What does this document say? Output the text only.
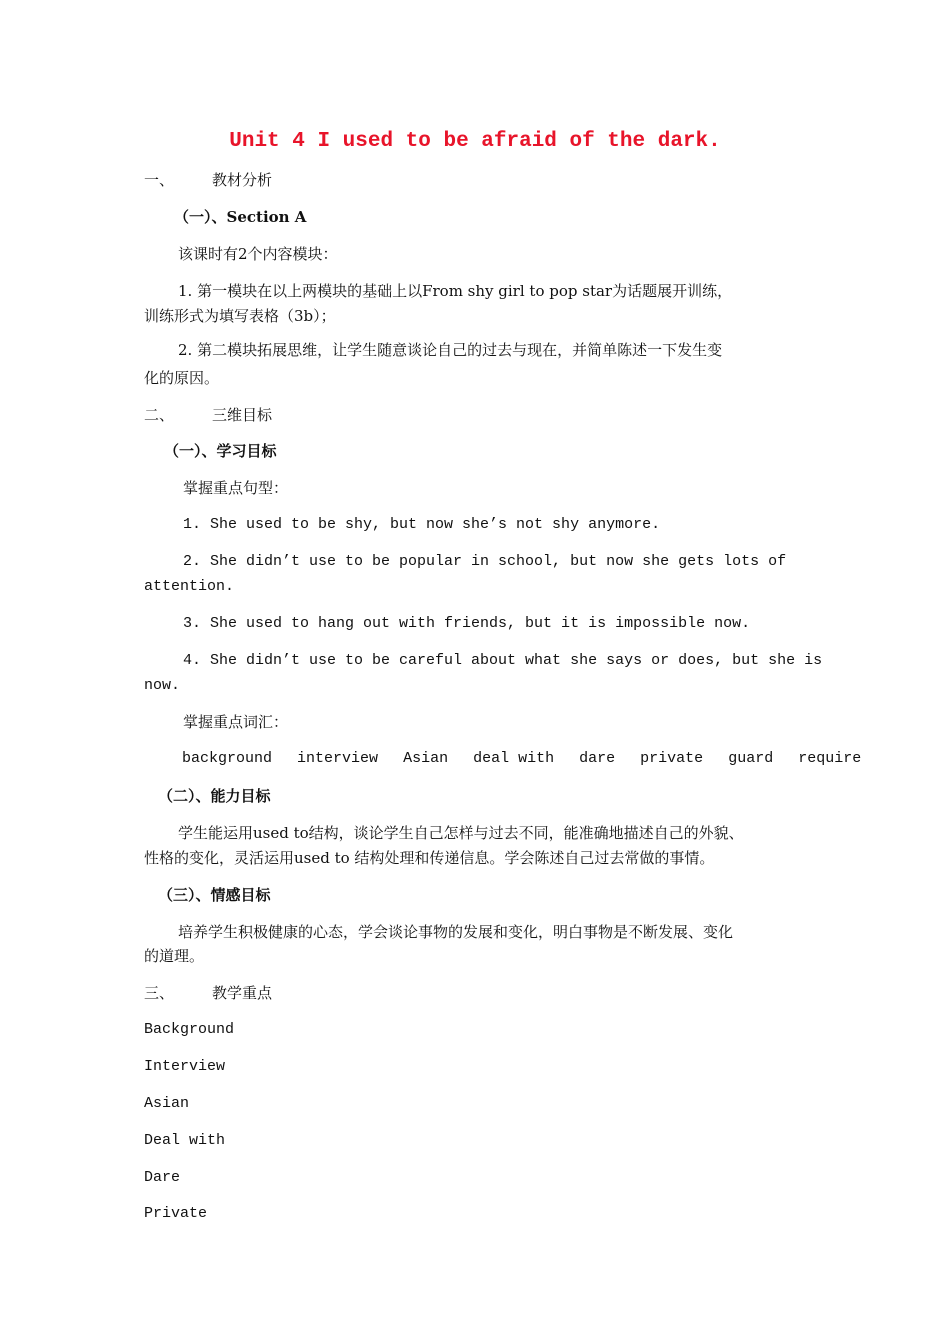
Unit 4 I used to be afraid of the dark.
一、	教材分析
（一）、Section A
该课时有2个内容模块：
1. 第一模块在以上两模块的基础上以From shy girl to pop star为话题展开训练，
训练形式为填写表格（3b）；
2. 第二模块拓展思维，让学生随意谈论自己的过去与现在，并简单陈述一下发生变
化的原因。
二、	三维目标
（一）、学习目标
掌握重点句型：
1. She used to be shy, but now she’s not shy anymore.
2. She didn’t use to be popular in school, but now she gets lots of
attention.
3. She used to hang out with friends, but it is impossible now.
4. She didn’t use to be careful about what she says or does, but she is
now.
掌握重点词汇：
background interview Asian deal with dare private guard require
（二）、能力目标
学生能运用used to结构，谈论学生自己怎样与过去不同，能准确地描述自己的外貌、
性格的变化，灵活运用used to 结构处理和传递信息。学会陈述自己过去常做的事情。
（三）、情感目标
培养学生积极健康的心态，学会谈论事物的发展和变化，明白事物是不断发展、变化
的道理。
三、	教学重点
Background
Interview
Asian
Deal with
Dare
Private
